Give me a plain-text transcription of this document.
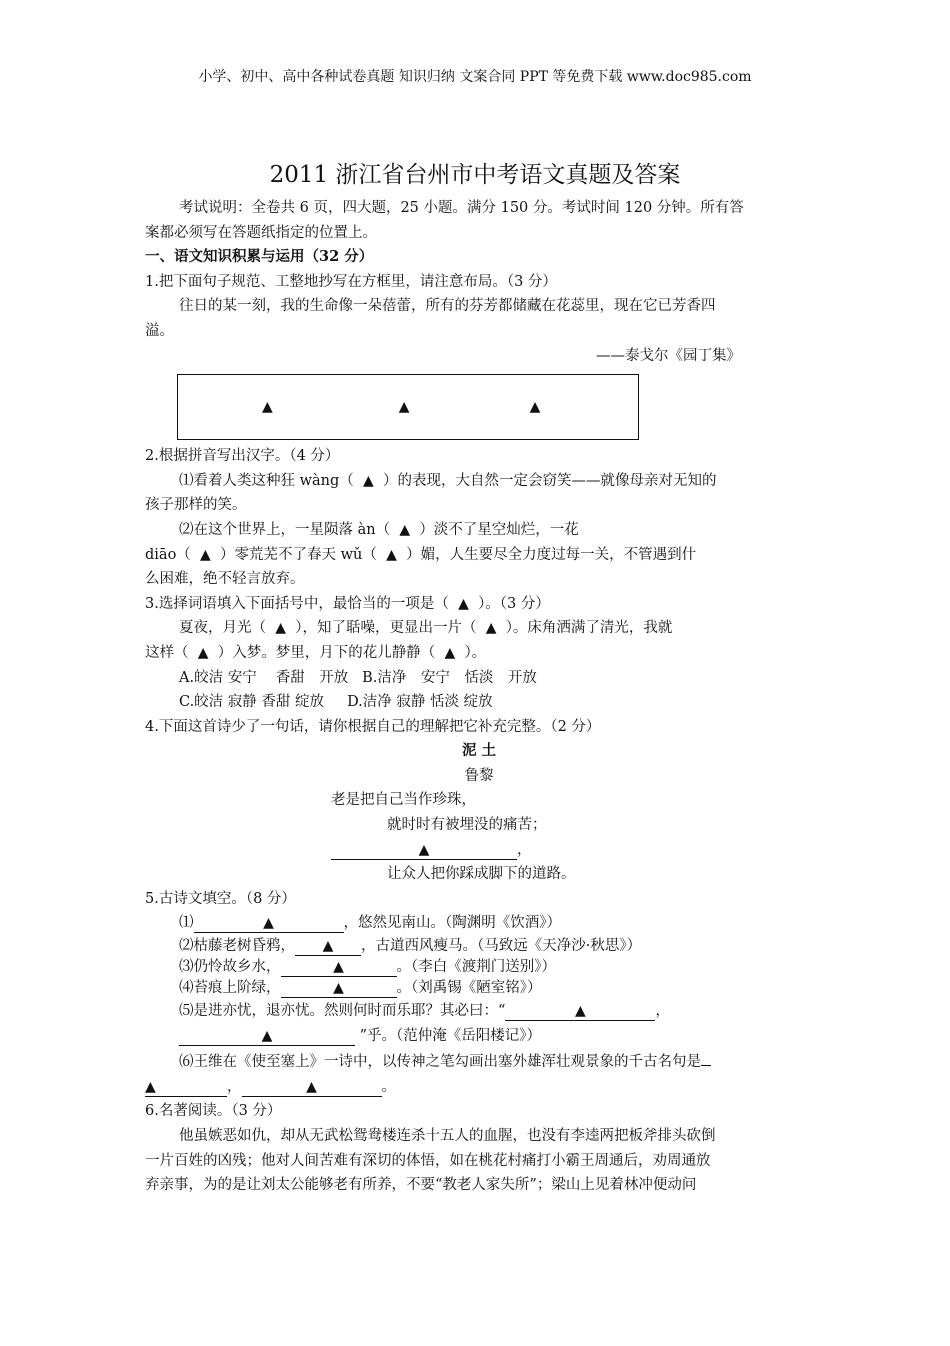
小学、初中、高中各种试卷真题 知识归纳 文案合同 PPT 等免费下载 www.doc985.com
2011 浙江省台州市中考语文真题及答案
考试说明：全卷共 6 页，四大题，25 小题。满分 150 分。考试时间 120 分钟。所有答
案都必须写在答题纸指定的位置上。
一、语文知识积累与运用（32 分）
1.把下面句子规范、工整地抄写在方框里，请注意布局。（3 分）
往日的某一刻，我的生命像一朵蓓蕾，所有的芬芳都储藏在花蕊里，现在它已芳香四
溢。
——泰戈尔《园丁集》
▲	▲	▲
2.根据拼音写出汉字。（4 分）
⑴看着人类这种狂 wàng（ ▲ ）的表现，大自然一定会窃笑——就像母亲对无知的
孩子那样的笑。
⑵在这个世界上，一星陨落 àn（ ▲ ）淡不了星空灿烂，一花
diāo（ ▲ ）零荒芜不了春天 wǔ（ ▲ ）媚，人生要尽全力度过每一关，不管遇到什
么困难，绝不轻言放弃。
3.选择词语填入下面括号中，最恰当的一项是（ ▲ ）。（3 分）
夏夜，月光（ ▲ ），知了聒噪，更显出一片（ ▲ ）。床角洒满了清光，我就
这样（ ▲ ）入梦。梦里，月下的花儿静静（ ▲ ）。
A.皎洁 安宁　 香甜　开放 B.洁净　安宁　恬淡　开放
C.皎洁 寂静 香甜 绽放 D.洁净 寂静 恬淡 绽放
4.下面这首诗少了一句话，请你根据自己的理解把它补充完整。（2 分）
泥 土
鲁黎
老是把自己当作珍珠，
就时时有被埋没的痛苦；
▲	，
让众人把你踩成脚下的道路。
5.古诗文填空。（8 分）
⑴	▲	，悠然见南山。（陶渊明《饮酒》）
⑵枯藤老树昏鸦， ▲ ，古道西风瘦马。（马致远《天净沙·秋思》）
⑶仍怜故乡水，	▲	。（李白《渡荆门送别》）
⑷苔痕上阶绿，	▲	。（刘禹锡《陋室铭》）
⑸是进亦忧，退亦忧。然则何时而乐耶？其必曰：“	▲	，
▲	”乎。（范仲淹《岳阳楼记》）
⑹王维在《使至塞上》一诗中，以传神之笔勾画出塞外雄浑壮观景象的千古名句是
▲	，	▲	。
6.名著阅读。（3 分）
他虽嫉恶如仇，却从无武松鸳鸯楼连杀十五人的血腥，也没有李逵两把板斧排头砍倒
一片百姓的凶残；他对人间苦难有深切的体悟，如在桃花村痛打小霸王周通后，劝周通放
弃亲事，为的是让刘太公能够老有所养，不要“教老人家失所”；梁山上见着林冲便动问
